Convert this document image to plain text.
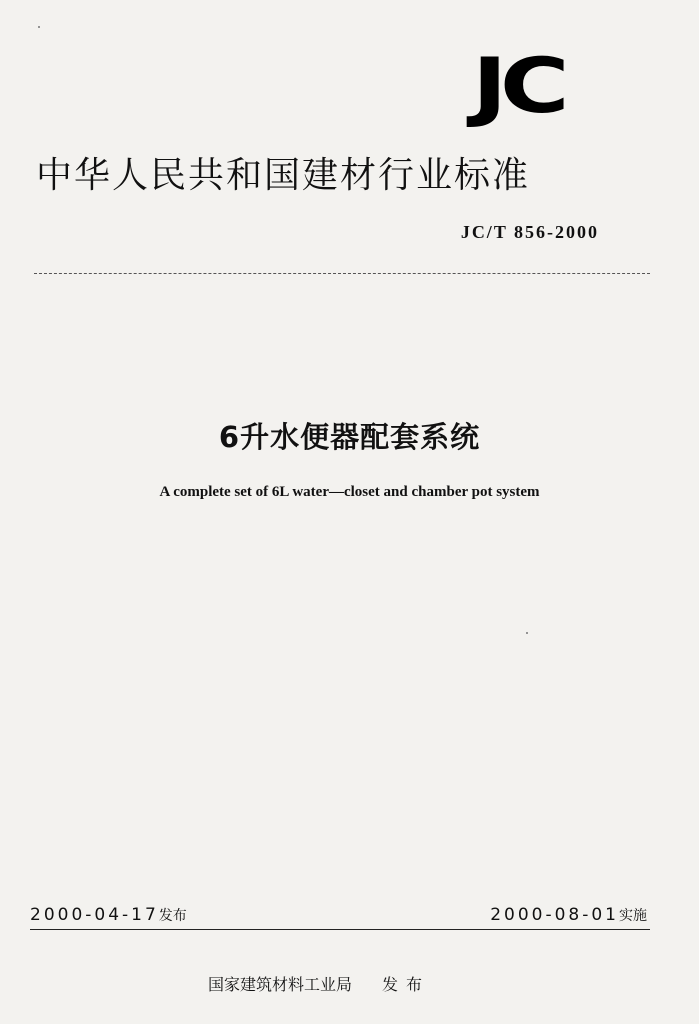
JC
中华人民共和国建材行业标准
JC/T 856-2000
6升水便器配套系统
A complete set of 6L water—closet and chamber pot system
2000-04-17发布	2000-08-01实施
国家建筑材料工业局 发布
